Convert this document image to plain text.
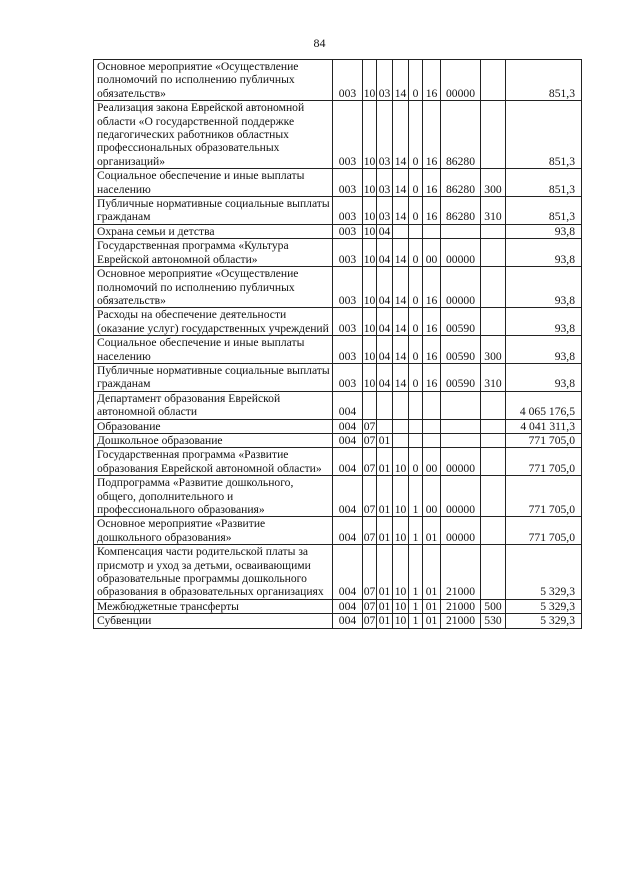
84
Основное мероприятие «Осуществление полномочий по исполнению публичных обязательств»	003	10	03	14	0	16	00000		851,3
Реализация закона Еврейской автономной области «О государственной поддержке педагогических работников областных профессиональных образовательных организаций»	003	10	03	14	0	16	86280		851,3
Социальное обеспечение и иные выплаты населению	003	10	03	14	0	16	86280	300	851,3
Публичные нормативные социальные выплаты гражданам	003	10	03	14	0	16	86280	310	851,3
Охрана семьи и детства	003	10	04						93,8
Государственная программа «Культура Еврейской автономной области»	003	10	04	14	0	00	00000		93,8
Основное мероприятие «Осуществление полномочий по исполнению публичных обязательств»	003	10	04	14	0	16	00000		93,8
Расходы на обеспечение деятельности (оказание услуг) государственных учреждений	003	10	04	14	0	16	00590		93,8
Социальное обеспечение и иные выплаты населению	003	10	04	14	0	16	00590	300	93,8
Публичные нормативные социальные выплаты гражданам	003	10	04	14	0	16	00590	310	93,8
Департамент образования Еврейской автономной области	004								4 065 176,5
Образование	004	07							4 041 311,3
Дошкольное образование	004	07	01						771 705,0
Государственная программа «Развитие образования Еврейской автономной области»	004	07	01	10	0	00	00000		771 705,0
Подпрограмма «Развитие дошкольного, общего, дополнительного и профессионального образования»	004	07	01	10	1	00	00000		771 705,0
Основное мероприятие «Развитие дошкольного образования»	004	07	01	10	1	01	00000		771 705,0
Компенсация части родительской платы за присмотр и уход за детьми, осваивающими образовательные программы дошкольного образования в образовательных организациях	004	07	01	10	1	01	21000		5 329,3
Межбюджетные трансферты	004	07	01	10	1	01	21000	500	5 329,3
Субвенции	004	07	01	10	1	01	21000	530	5 329,3
